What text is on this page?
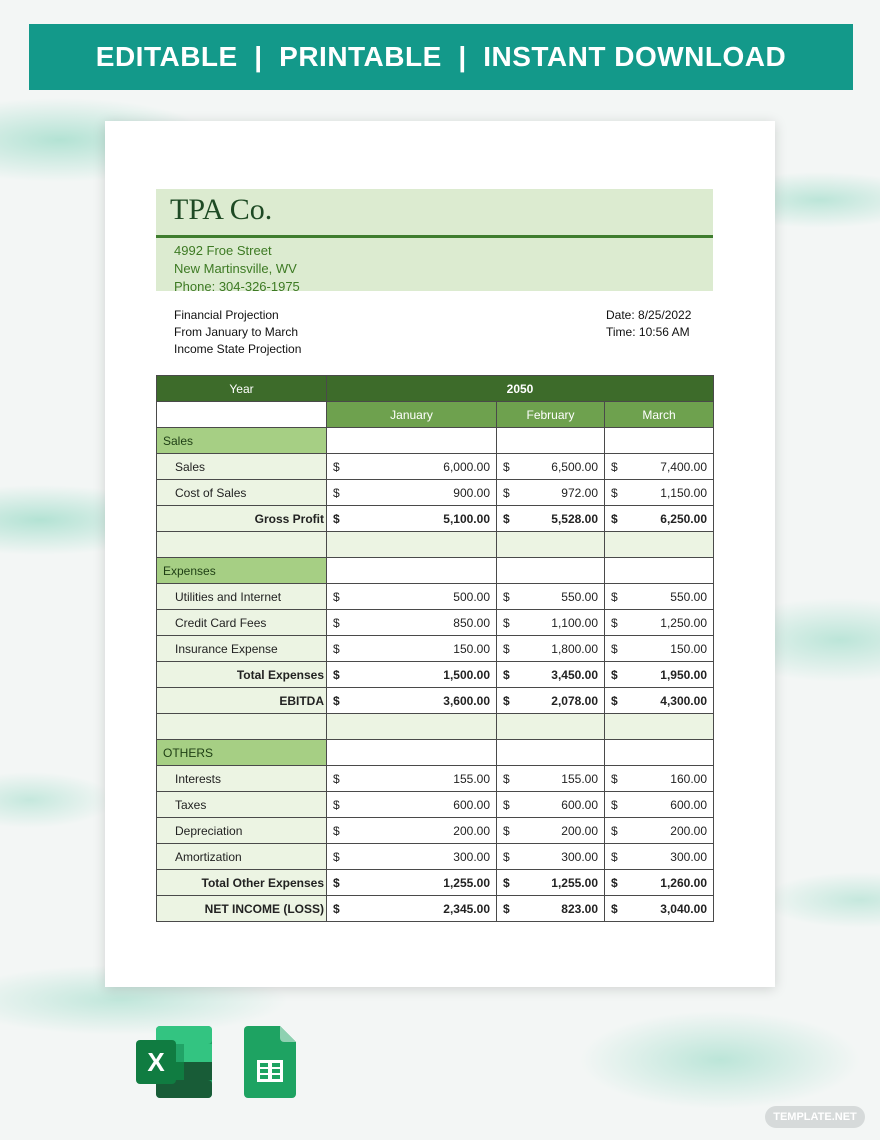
EDITABLE  |  PRINTABLE  |  INSTANT DOWNLOAD
TPA Co.
4992 Froe Street
New Martinsville, WV
Phone: 304-326-1975
Financial Projection
From January to March
Income State Projection
Date: 8/25/2022
Time: 10:56 AM
Year	2050		
	January	February	March
Sales			
Sales	$ 6,000.00	$ 6,500.00	$ 7,400.00

Cost of Sales	$ 900.00	$ 972.00	$ 1,150.00

Gross Profit	$ 5,100.00	$ 5,528.00	$ 6,250.00

Expenses			
Utilities and Internet	$ 500.00	$ 550.00	$ 550.00

Credit Card Fees	$ 850.00	$ 1,100.00	$ 1,250.00

Insurance Expense	$ 150.00	$ 1,800.00	$ 150.00

Total Expenses	$ 1,500.00	$ 3,450.00	$ 1,950.00

EBITDA	$ 3,600.00	$ 2,078.00	$ 4,300.00

OTHERS			
Interests	$ 155.00	$ 155.00	$ 160.00

Taxes	$ 600.00	$ 600.00	$ 600.00

Depreciation	$ 200.00	$ 200.00	$ 200.00

Amortization	$ 300.00	$ 300.00	$ 300.00

Total Other Expenses	$ 1,255.00	$ 1,255.00	$ 1,260.00

NET INCOME (LOSS)	$ 2,345.00	$ 823.00	$ 3,040.00
X
TEMPLATE.NET
